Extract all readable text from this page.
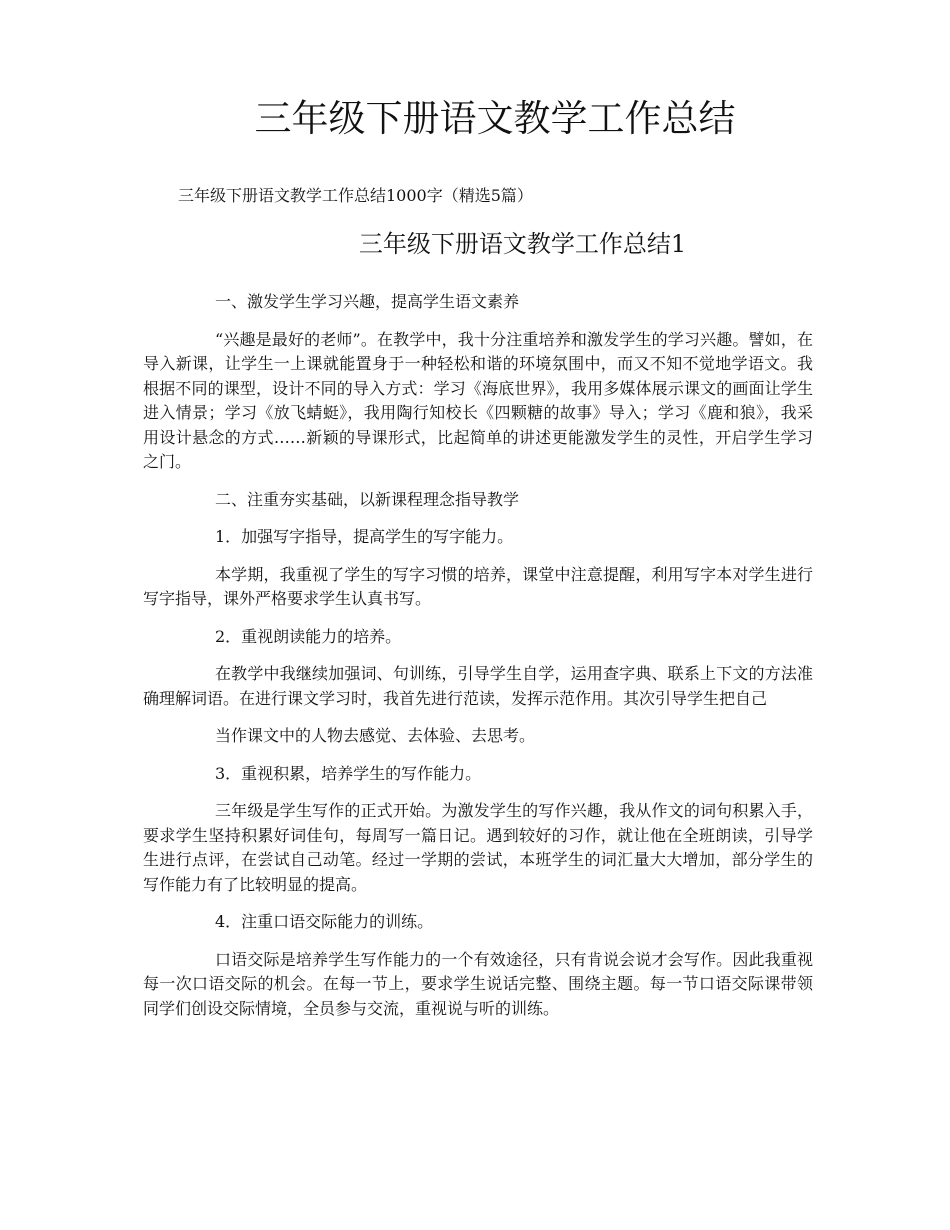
三年级下册语文教学工作总结

三年级下册语文教学工作总结1000字（精选5篇）

三年级下册语文教学工作总结1

一、激发学生学习兴趣，提高学生语文素养

“兴趣是最好的老师”。在教学中，我十分注重培养和激发学生的学习兴趣。譬如，在导入新课，让学生一上课就能置身于一种轻松和谐的环境氛围中，而又不知不觉地学语文。我根据不同的课型，设计不同的导入方式：学习《海底世界》，我用多媒体展示课文的画面让学生进入情景；学习《放飞蜻蜓》，我用陶行知校长《四颗糖的故事》导入；学习《鹿和狼》，我采用设计悬念的方式……新颖的导课形式，比起简单的讲述更能激发学生的灵性，开启学生学习之门。

二、注重夯实基础，以新课程理念指导教学

1．加强写字指导，提高学生的写字能力。

本学期，我重视了学生的写字习惯的培养，课堂中注意提醒，利用写字本对学生进行写字指导，课外严格要求学生认真书写。

2．重视朗读能力的培养。

在教学中我继续加强词、句训练，引导学生自学，运用查字典、联系上下文的方法准确理解词语。在进行课文学习时，我首先进行范读，发挥示范作用。其次引导学生把自己

当作课文中的人物去感觉、去体验、去思考。

3．重视积累，培养学生的写作能力。

三年级是学生写作的正式开始。为激发学生的写作兴趣，我从作文的词句积累入手，要求学生坚持积累好词佳句，每周写一篇日记。遇到较好的习作，就让他在全班朗读，引导学生进行点评，在尝试自己动笔。经过一学期的尝试，本班学生的词汇量大大增加，部分学生的写作能力有了比较明显的提高。

4．注重口语交际能力的训练。

口语交际是培养学生写作能力的一个有效途径，只有肯说会说才会写作。因此我重视每一次口语交际的机会。在每一节上，要求学生说话完整、围绕主题。每一节口语交际课带领同学们创设交际情境，全员参与交流，重视说与听的训练。
